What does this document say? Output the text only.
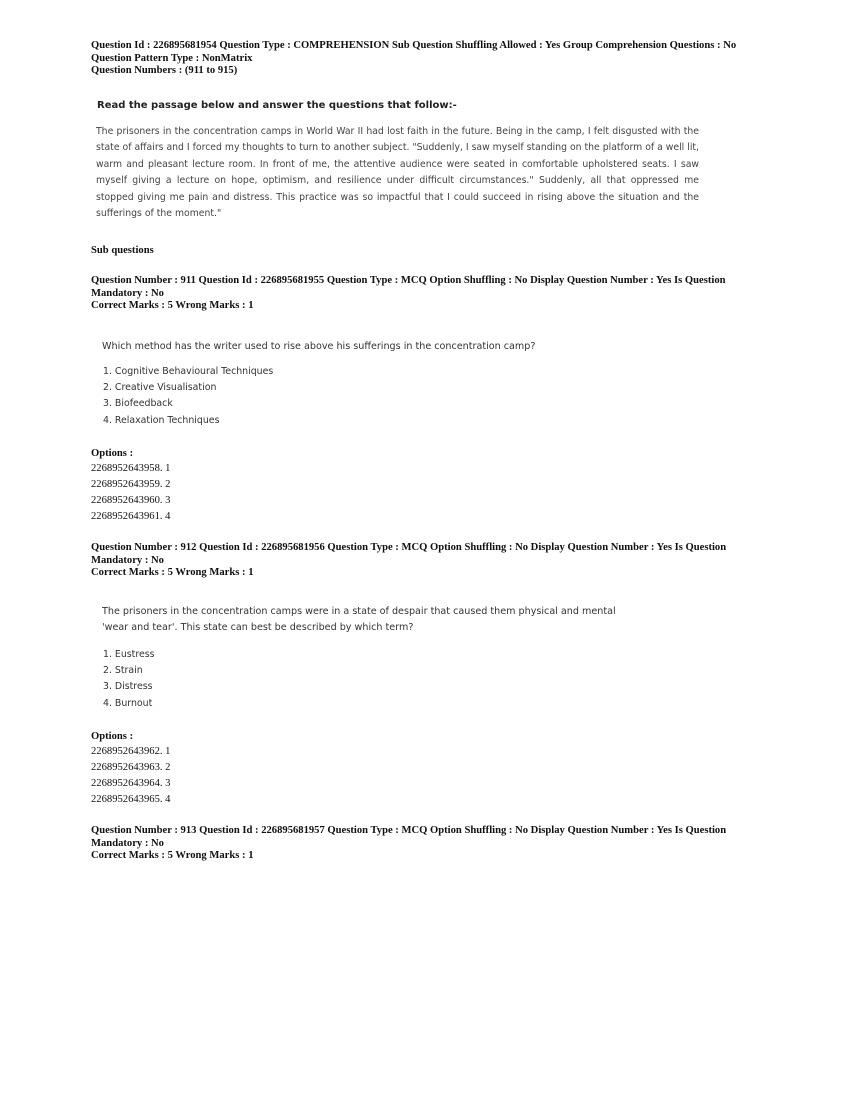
Question Id : 226895681954 Question Type : COMPREHENSION Sub Question Shuffling Allowed : Yes Group Comprehension Questions : No

Question Pattern Type : NonMatrix

Question Numbers : (911 to 915)

Read the passage below and answer the questions that follow:-

The prisoners in the concentration camps in World War II had lost faith in the future. Being in the camp, I felt disgusted with the state of affairs and I forced my thoughts to turn to another subject. "Suddenly, I saw myself standing on the platform of a well lit, warm and pleasant lecture room. In front of me, the attentive audience were seated in comfortable upholstered seats. I saw myself giving a lecture on hope, optimism, and resilience under difficult circumstances." Suddenly, all that oppressed me stopped giving me pain and distress. This practice was so impactful that I could succeed in rising above the situation and the sufferings of the moment."

Sub questions

Question Number : 911 Question Id : 226895681955 Question Type : MCQ Option Shuffling : No Display Question Number : Yes Is Question

Mandatory : No

Correct Marks : 5 Wrong Marks : 1

Which method has the writer used to rise above his sufferings in the concentration camp?

1. Cognitive Behavioural Techniques
2. Creative Visualisation
3. Biofeedback
4. Relaxation Techniques
Options :
2268952643958. 1
2268952643959. 2
2268952643960. 3
2268952643961. 4

Question Number : 912 Question Id : 226895681956 Question Type : MCQ Option Shuffling : No Display Question Number : Yes Is Question

Mandatory : No

Correct Marks : 5 Wrong Marks : 1

The prisoners in the concentration camps were in a state of despair that caused them physical and mental 'wear and tear'. This state can best be described by which term?

1. Eustress
2. Strain
3. Distress
4. Burnout
Options :
2268952643962. 1
2268952643963. 2
2268952643964. 3
2268952643965. 4

Question Number : 913 Question Id : 226895681957 Question Type : MCQ Option Shuffling : No Display Question Number : Yes Is Question

Mandatory : No

Correct Marks : 5 Wrong Marks : 1
